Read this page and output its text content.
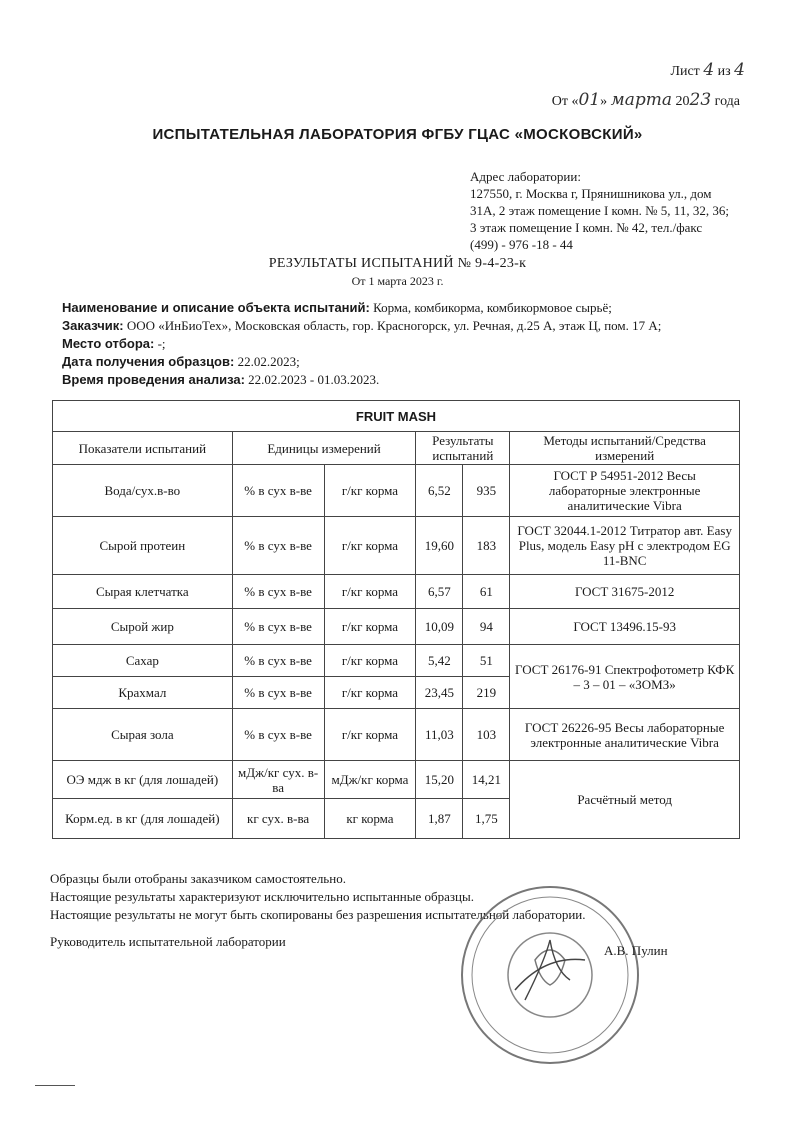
Лист 4 из 4
От «01» марта 2023 года
ИСПЫТАТЕЛЬНАЯ ЛАБОРАТОРИЯ ФГБУ ГЦАС «МОСКОВСКИЙ»
Адрес лаборатории:
127550, г. Москва г, Прянишникова ул., дом
31А, 2 этаж помещение I комн. № 5, 11, 32, 36;
3 этаж помещение I комн. № 42, тел./факс
(499) - 976 -18 - 44
РЕЗУЛЬТАТЫ ИСПЫТАНИЙ № 9-4-23-к
От 1 марта 2023 г.
Наименование и описание объекта испытаний: Корма, комбикорма, комбикормовое сырьё;
Заказчик: ООО «ИнБиоТех», Московская область, гор. Красногорск, ул. Речная, д.25 А, этаж Ц, пом. 17 А;
Место отбора: -;
Дата получения образцов: 22.02.2023;
Время проведения анализа: 22.02.2023 - 01.03.2023.
FRUIT MASH					
Показатели испытаний	Единицы измерений		Результаты испытаний		Методы испытаний/Средства измерений
Вода/сух.в-во	% в сух в-ве	г/кг корма	6,52	935	ГОСТ Р 54951-2012 Весы лабораторные электронные аналитические Vibra
Сырой протеин	% в сух в-ве	г/кг корма	19,60	183	ГОСТ 32044.1-2012 Титратор авт. Easy Plus, модель Easy pH с электродом EG 11-BNC
Сырая клетчатка	% в сух в-ве	г/кг корма	6,57	61	ГОСТ 31675-2012
Сырой жир	% в сух в-ве	г/кг корма	10,09	94	ГОСТ 13496.15-93
Сахар	% в сух в-ве	г/кг корма	5,42	51	ГОСТ 26176-91 Спектрофотометр КФК – 3 – 01 – «ЗОМЗ»
Крахмал	% в сух в-ве	г/кг корма	23,45	219	
Сырая зола	% в сух в-ве	г/кг корма	11,03	103	ГОСТ 26226-95 Весы лабораторные электронные аналитические Vibra
ОЭ мдж в кг (для лошадей)	мДж/кг сух. в-ва	мДж/кг корма	15,20	14,21	Расчётный метод
Корм.ед. в кг (для лошадей)	кг сух. в-ва	кг корма	1,87	1,75	
Образцы были отобраны заказчиком самостоятельно.
Настоящие результаты характеризуют исключительно испытанные образцы.
Настоящие результаты не могут быть скопированы без разрешения испытательной лаборатории.
Руководитель испытательной лаборатории
А.В. Пулин
